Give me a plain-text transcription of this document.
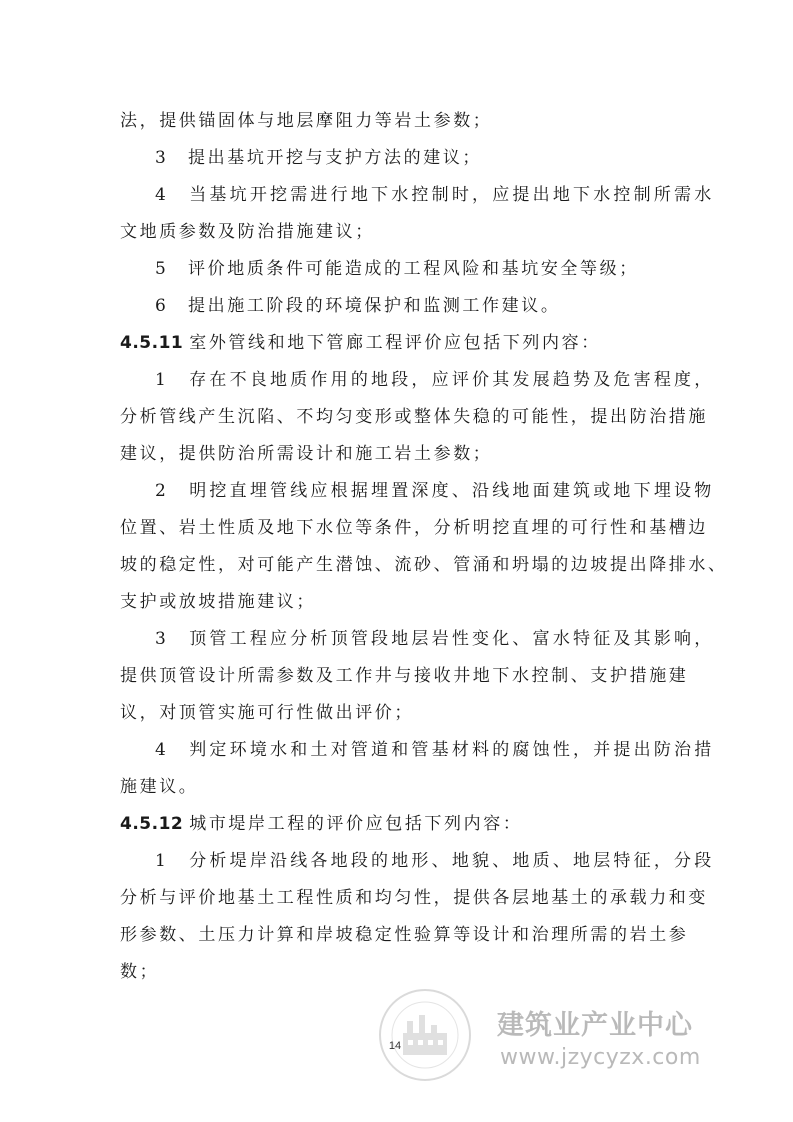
法，提供锚固体与地层摩阻力等岩土参数；
3　提出基坑开挖与支护方法的建议；
4　当基坑开挖需进行地下水控制时，应提出地下水控制所需水
文地质参数及防治措施建议；
5　评价地质条件可能造成的工程风险和基坑安全等级；
6　提出施工阶段的环境保护和监测工作建议。
4.5.11 室外管线和地下管廊工程评价应包括下列内容：
1　存在不良地质作用的地段，应评价其发展趋势及危害程度，
分析管线产生沉陷、不均匀变形或整体失稳的可能性，提出防治措施
建议，提供防治所需设计和施工岩土参数；
2　明挖直埋管线应根据埋置深度、沿线地面建筑或地下埋设物
位置、岩土性质及地下水位等条件，分析明挖直埋的可行性和基槽边
坡的稳定性，对可能产生潜蚀、流砂、管涌和坍塌的边坡提出降排水、
支护或放坡措施建议；
3　顶管工程应分析顶管段地层岩性变化、富水特征及其影响，
提供顶管设计所需参数及工作井与接收井地下水控制、支护措施建
议，对顶管实施可行性做出评价；
4　判定环境水和土对管道和管基材料的腐蚀性，并提出防治措
施建议。
4.5.12 城市堤岸工程的评价应包括下列内容：
1　分析堤岸沿线各地段的地形、地貌、地质、地层特征，分段
分析与评价地基土工程性质和均匀性，提供各层地基土的承载力和变
形参数、土压力计算和岸坡稳定性验算等设计和治理所需的岩土参
数；
建筑业产业中心
www.jzycyzx.com
14
